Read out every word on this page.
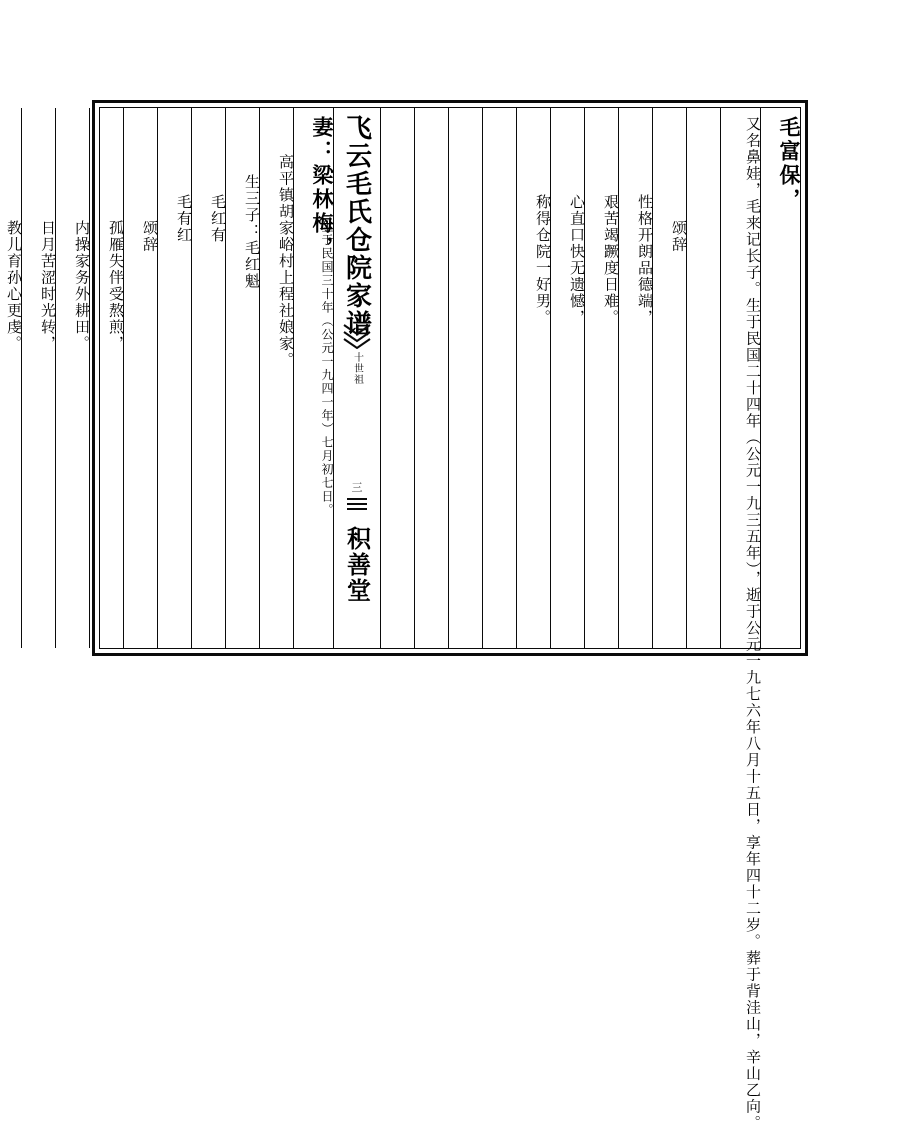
毛富保，
又名鼻娃，毛来记长子。生于民国二十四年（公元一九三五年），逝于公元一九七六年八月十五日，享年四十二岁。葬于背洼山，辛山乙向。
颂辞
性格开朗品德端，
艰苦竭蹶度日难。
心直口快无遗憾，
称得仓院一好男。
飞云毛氏仓院家谱
十世祖
三
积善堂
妻：梁林梅，
生于民国三十年（公元一九四一年）七月初七日。
高平镇胡家峪村上程社娘家。
生三子：毛红魁
毛红有
毛有红
颂辞
孤雁失伴受熬煎，
内操家务外耕田。
日月苦涩时光转，
教儿育孙心更虔。
